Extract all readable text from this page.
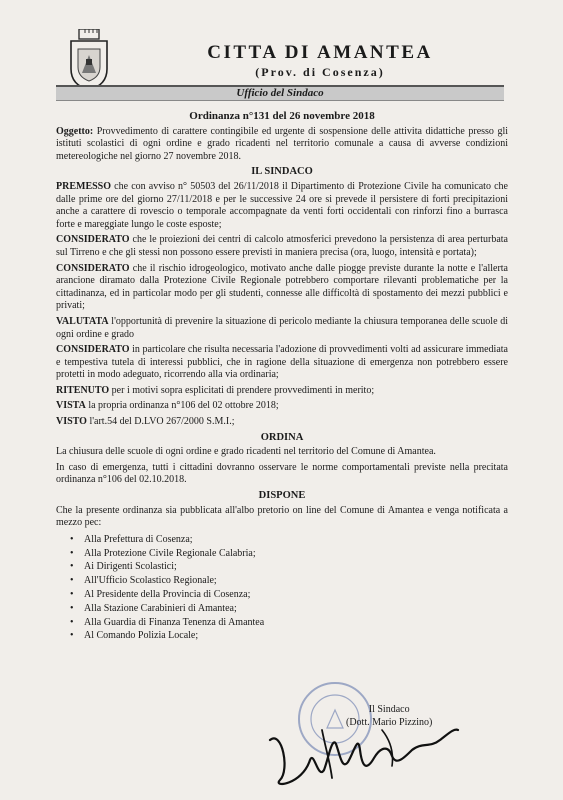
CITTA DI AMANTEA
(Prov. di Cosenza)
Ufficio del Sindaco
Ordinanza n°131 del 26 novembre 2018

Oggetto: Provvedimento di carattere contingibile ed urgente di sospensione delle attivita didattiche presso gli istituti scolastici di ogni ordine e grado ricadenti nel territorio comunale a causa di avverse condizioni metereologiche nel giorno 27 novembre 2018.

IL SINDACO

PREMESSO che con avviso n° 50503 del 26/11/2018 il Dipartimento di Protezione Civile ha comunicato che dalle prime ore del giorno 27/11/2018 e per le successive 24 ore si prevede il persistere di forti precipitazioni anche a carattere di rovescio o temporale accompagnate da venti forti occidentali con rinforzi fino a burrasca forte e mareggiate lungo le coste esposte;

CONSIDERATO che le proiezioni dei centri di calcolo atmosferici prevedono la persistenza di area perturbata sul Tirreno e che gli stessi non possono essere previsti in maniera precisa (ora, luogo, intensità e portata);

CONSIDERATO che il rischio idrogeologico, motivato anche dalle piogge previste durante la notte e l'allerta arancione diramato dalla Protezione Civile Regionale potrebbero comportare rilevanti problematiche per la cittadinanza, ed in particolar modo per gli studenti, connesse alle difficoltà di spostamento dei mezzi pubblici e privati;

VALUTATA l'opportunità di prevenire la situazione di pericolo mediante la chiusura temporanea delle scuole di ogni ordine e grado

CONSIDERATO in particolare che risulta necessaria l'adozione di provvedimenti volti ad assicurare immediata e tempestiva tutela di interessi pubblici, che in ragione della situazione di emergenza non potrebbero essere protetti in modo adeguato, ricorrendo alla via ordinaria;

RITENUTO per i motivi sopra esplicitati di prendere provvedimenti in merito;

VISTA la propria ordinanza n°106 del 02 ottobre 2018;

VISTO l'art.54 del D.LVO 267/2000 S.M.I.;

ORDINA

La chiusura delle scuole di ogni ordine e grado ricadenti nel territorio del Comune di Amantea.

In caso di emergenza, tutti i cittadini dovranno osservare le norme comportamentali previste nella precitata ordinanza n°106 del 02.10.2018.

DISPONE

Che la presente ordinanza sia pubblicata all'albo pretorio on line del Comune di Amantea e venga notificata a mezzo pec:

• Alla Prefettura di Cosenza;
• Alla Protezione Civile Regionale Calabria;
• Ai Dirigenti Scolastici;
• All'Ufficio Scolastico Regionale;
• Al Presidente della Provincia di Cosenza;
• Alla Stazione Carabinieri di Amantea;
• Alla Guardia di Finanza Tenenza di Amantea
• Al Comando Polizia Locale;
Il Sindaco
(Dott. Mario Pizzino)
